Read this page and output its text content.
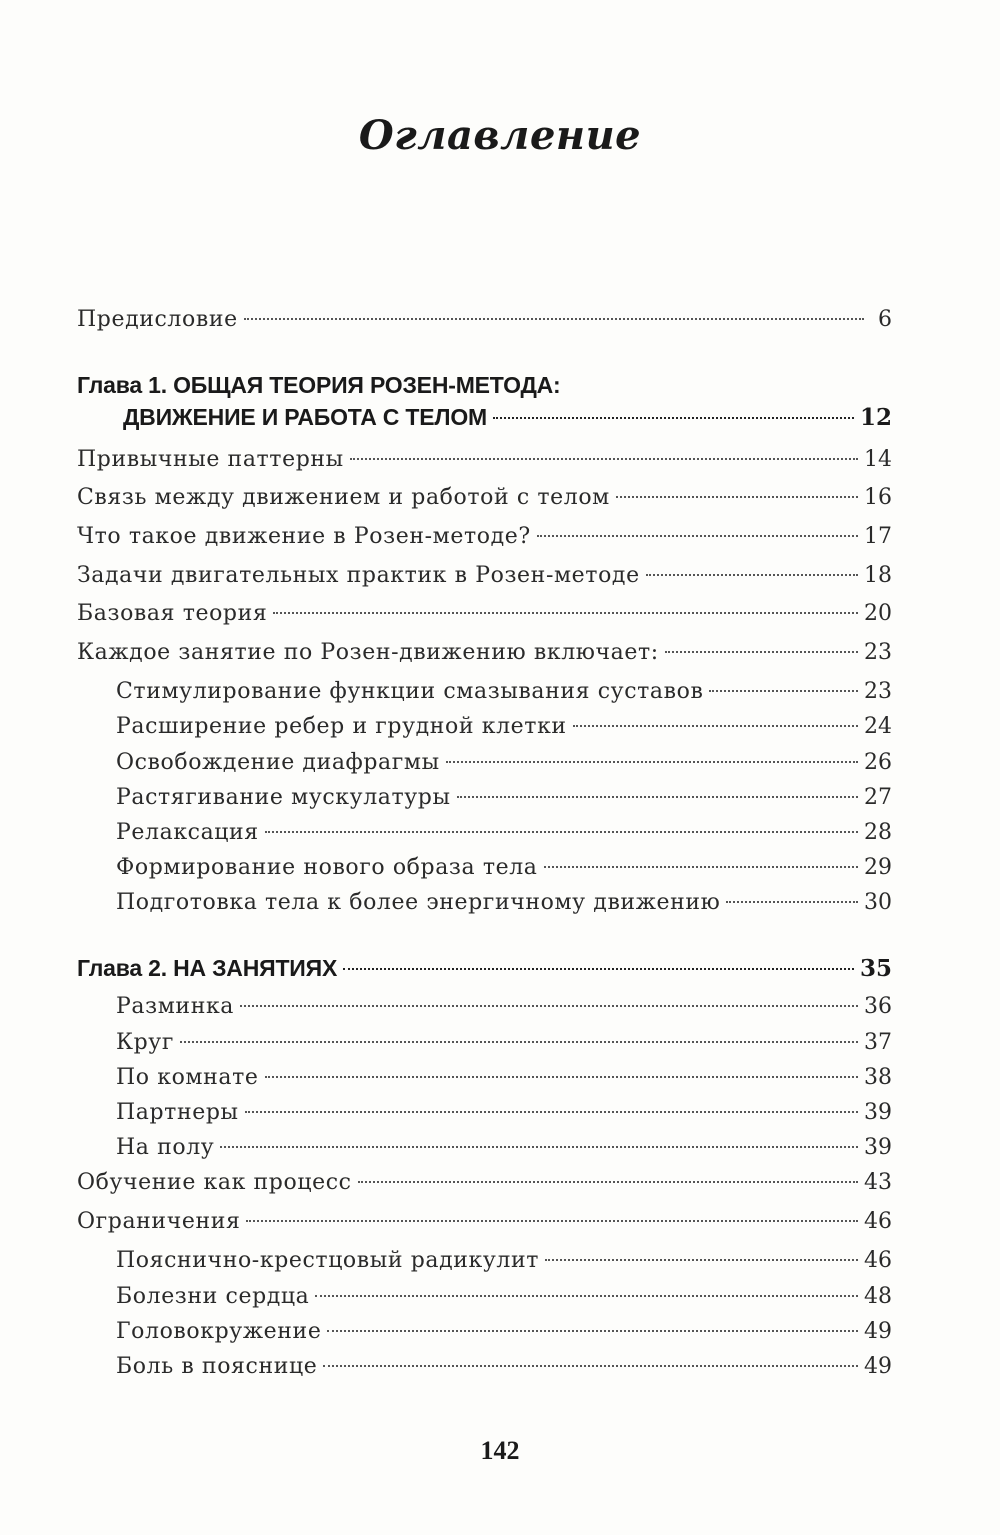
Оглавление
Предисловие	6
Глава 1. ОБЩАЯ ТЕОРИЯ РОЗЕН-МЕТОДА:
ДВИЖЕНИЕ И РАБОТА С ТЕЛОМ	12
Привычные паттерны	14
Связь между движением и работой с телом	16
Что такое движение в Розен-методе?	17
Задачи двигательных практик в Розен-методе	18
Базовая теория	20
Каждое занятие по Розен-движению включает:	23
Стимулирование функции смазывания суставов	23
Расширение ребер и грудной клетки	24
Освобождение диафрагмы	26
Растягивание мускулатуры	27
Релаксация	28
Формирование нового образа тела	29
Подготовка тела к более энергичному движению	30
Глава 2. НА ЗАНЯТИЯХ	35
Разминка	36
Круг	37
По комнате	38
Партнеры	39
На полу	39
Обучение как процесс	43
Ограничения	46
Пояснично-крестцовый радикулит	46
Болезни сердца	48
Головокружение	49
Боль в пояснице	49
142
